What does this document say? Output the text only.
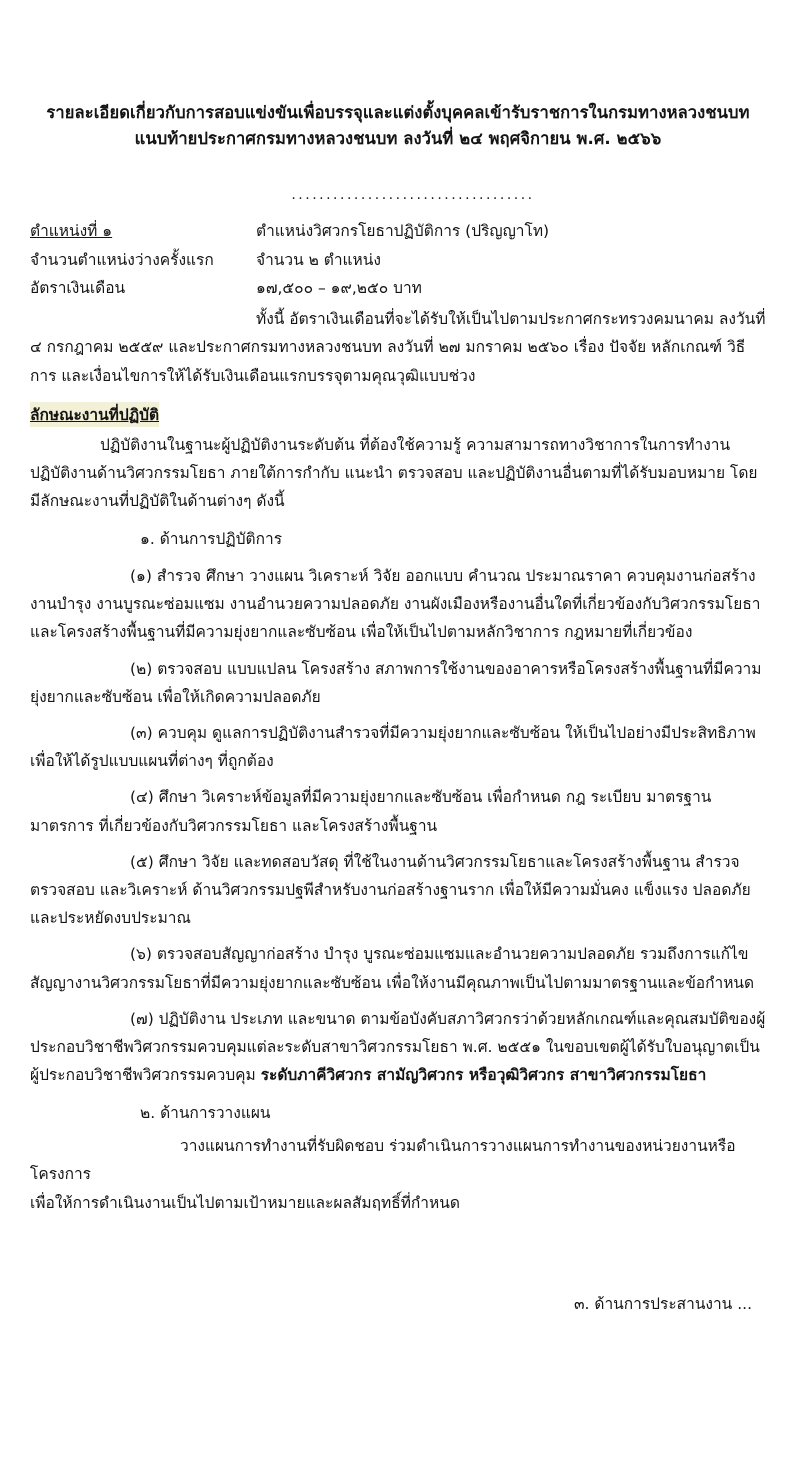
รายละเอียดเกี่ยวกับการสอบแข่งขันเพื่อบรรจุและแต่งตั้งบุคคลเข้ารับราชการในกรมทางหลวงชนบท
แนบท้ายประกาศกรมทางหลวงชนบท ลงวันที่ ๒๔ พฤศจิกายน พ.ศ. ๒๕๖๖
...................................
ตำแหน่งที่ ๑	ตำแหน่งวิศวกรโยธาปฏิบัติการ (ปริญญาโท)
จำนวนตำแหน่งว่างครั้งแรก	จำนวน ๒ ตำแหน่ง
อัตราเงินเดือน	๑๗,๕๐๐ – ๑๙,๒๕๐ บาท
ทั้งนี้ อัตราเงินเดือนที่จะได้รับให้เป็นไปตามประกาศกระทรวงคมนาคม ลงวันที่ ๔ กรกฎาคม ๒๕๕๙ และประกาศกรมทางหลวงชนบท ลงวันที่ ๒๗ มกราคม ๒๕๖๐ เรื่อง ปัจจัย หลักเกณฑ์ วิธีการ และเงื่อนไขการให้ได้รับเงินเดือนแรกบรรจุตามคุณวุฒิแบบช่วง
ลักษณะงานที่ปฏิบัติ
ปฏิบัติงานในฐานะผู้ปฏิบัติงานระดับต้น ที่ต้องใช้ความรู้ ความสามารถทางวิชาการในการทำงาน ปฏิบัติงานด้านวิศวกรรมโยธา ภายใต้การกำกับ แนะนำ ตรวจสอบ และปฏิบัติงานอื่นตามที่ได้รับมอบหมาย โดยมีลักษณะงานที่ปฏิบัติในด้านต่างๆ ดังนี้
๑. ด้านการปฏิบัติการ
(๑) สำรวจ ศึกษา วางแผน วิเคราะห์ วิจัย ออกแบบ คำนวณ ประมาณราคา ควบคุมงานก่อสร้าง งานบำรุง งานบูรณะซ่อมแซม งานอำนวยความปลอดภัย งานผังเมืองหรืองานอื่นใดที่เกี่ยวข้องกับวิศวกรรมโยธา และโครงสร้างพื้นฐานที่มีความยุ่งยากและซับซ้อน เพื่อให้เป็นไปตามหลักวิชาการ กฎหมายที่เกี่ยวข้อง
(๒) ตรวจสอบ แบบแปลน โครงสร้าง สภาพการใช้งานของอาคารหรือโครงสร้างพื้นฐานที่มีความยุ่งยากและซับซ้อน เพื่อให้เกิดความปลอดภัย
(๓) ควบคุม ดูแลการปฏิบัติงานสำรวจที่มีความยุ่งยากและซับซ้อน ให้เป็นไปอย่างมีประสิทธิภาพ เพื่อให้ได้รูปแบบแผนที่ต่างๆ ที่ถูกต้อง
(๔) ศึกษา วิเคราะห์ข้อมูลที่มีความยุ่งยากและซับซ้อน เพื่อกำหนด กฎ ระเบียบ มาตรฐาน มาตรการ ที่เกี่ยวข้องกับวิศวกรรมโยธา และโครงสร้างพื้นฐาน
(๕) ศึกษา วิจัย และทดสอบวัสดุ ที่ใช้ในงานด้านวิศวกรรมโยธาและโครงสร้างพื้นฐาน สำรวจ ตรวจสอบ และวิเคราะห์ ด้านวิศวกรรมปฐพีสำหรับงานก่อสร้างฐานราก เพื่อให้มีความมั่นคง แข็งแรง ปลอดภัยและประหยัดงบประมาณ
(๖) ตรวจสอบสัญญาก่อสร้าง บำรุง บูรณะซ่อมแซมและอำนวยความปลอดภัย รวมถึงการแก้ไขสัญญางานวิศวกรรมโยธาที่มีความยุ่งยากและซับซ้อน เพื่อให้งานมีคุณภาพเป็นไปตามมาตรฐานและข้อกำหนด
(๗) ปฏิบัติงาน ประเภท และขนาด ตามข้อบังคับสภาวิศวกรว่าด้วยหลักเกณฑ์และคุณสมบัติของผู้ประกอบวิชาชีพวิศวกรรมควบคุมแต่ละระดับสาขาวิศวกรรมโยธา พ.ศ. ๒๕๕๑ ในขอบเขตผู้ได้รับใบอนุญาตเป็นผู้ประกอบวิชาชีพวิศวกรรมควบคุม ระดับภาคีวิศวกร สามัญวิศวกร หรือวุฒิวิศวกร สาขาวิศวกรรมโยธา
๒. ด้านการวางแผน
วางแผนการทำงานที่รับผิดชอบ ร่วมดำเนินการวางแผนการทำงานของหน่วยงานหรือโครงการ
เพื่อให้การดำเนินงานเป็นไปตามเป้าหมายและผลสัมฤทธิ์ที่กำหนด
๓. ด้านการประสานงาน ...
